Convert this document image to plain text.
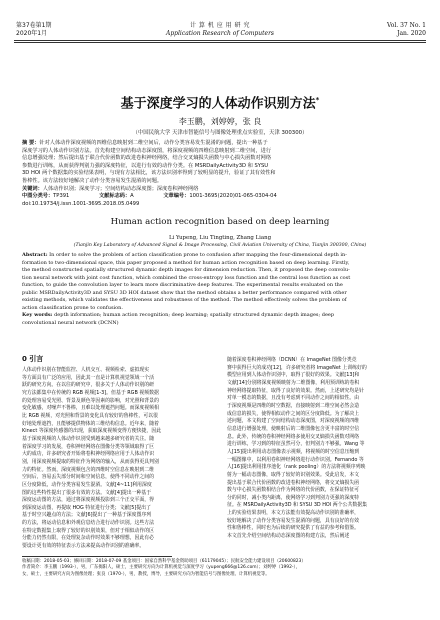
第37卷第1期
2020年1月
计 算 机 应 用 研 究
Application Research of Computers
Vol. 37 No. 1
Jan. 2020
基于深度学习的人体动作识别方法*
李玉鹏，刘婷婷，张 良
（中国民航大学 天津市智能信号与图像处理重点实验室，天津 300300）
摘 要：针对人体动作深度视频的四维信息映射到二维空间后，动作分类容易发生混淆的问题，提出一种基于
深度学习的人体动作识别方法。首先构建空间结构动态深度图，将深度视频的四维信息映射到二维空间，进行
信息增强处理；然后提出基于联合代价函数的改进卷积神经网络，结合交叉熵损失函数与中心损失函数对网络
参数进行训练，从而获得判别力强的深度特征，以进行有效的动作分类。在 MSRDailyActivity3D 和 SYSU
3D HOI 两个数据集的实验结果表明，与现有方法相比，该方法识别率得到了较明显的提升，验证了其有效性和
鲁棒性。该方法较好地解决了动作分类容易发生混淆的问题。
关键词：人体动作识别；深度学习；空间结构动态深度图；深度卷积神经网络
中图分类号：TP391	文献标志码：A	文章编号：1001-3695(2020)01-065-0304-04
doi:10.19734/j.issn.1001-3695.2018.05.0499
Human action recognition based on deep learning
Li Yupeng, Liu Tingting, Zhang Liang
(Tianjin Key Laboratory of Advanced Signal & Image Processing, Civil Aviation University of China, Tianjin 300300, China)
Abstract: In order to solve the problem of action classification prone to confusion after mapping the four-dimensional depth in-
formation to two-dimensional space, this paper proposed a method for human action recognition based on deep learning. Firstly,
the method constructed spatially structured dynamic depth images for dimension reduction. Then, it proposed the deep convolu-
tion neural network with joint cost function, which combined the cross-entropy loss function and the central loss function as cost
function, to guide the convolution layer to learn more discriminative deep features. The experimental results evaluated on the
public MSRDailyActivity3D and SYSU 3D HOI dataset show that the method obtains a better performance compared with other
existing methods, which validates the effectiveness and robustness of the method. The method effectively solves the problem of
action classification prone to confusion.
Key words: depth information; human action recognition; deep learning; spatially structured dynamic depth images; deep
convolutional neural network (DCNN)
0 引言
人体动作识别在智能监控、人机交互、视频检索、虚拟现实
等方面具有广泛的应用，因此其一直是计算机视觉领域一个活
跃的研究方向。在以往的研究中，很多关于人体动作识别的研
究方法都集中在传统的 RGB 视频[1-3]。但基于 RGB 视频数据
的处理容易受光照、背景及颜色等因素的影响，对光照和背景的
变化敏感，对噪声不鲁棒，且难以处理遮挡问题。而深度视频相
比 RGB 视频，对光照和背景的变化具有较好的鲁棒性，可以很
好地处理遮挡，且能够提供物体的三维结构信息。近年来，随着
Kinect 等深度传感器的出现，获取深度视频变得方便快捷，因此
基于深度视频的人体动作识别受到越来越多研究者的关注。随
着深度学习的发展，卷积神经网络在图像分类等领域取得了巨
大的成功，许多研究者开始将卷积神经网络应用于人体动作识
别，用深度视频提取的特征作为网络的输入，从而获得更具判别
力的特征。然而，深度视频包含的四维时空信息在映射到二维
空间后，容易丢失部分时间和空间信息，使得不同动作之间的
区分度降低，动作分类容易发生混淆。文献[4~11]利用深度
图的这些特性提出了很多有效的方法。文献[4]提出一种基于
深度运动图的方法，通过将深度视频投影到三个正交平面，得
到深度运动图，再提取 HOG 特征进行分类；文献[5]提出了
基于时空兴趣点的方法；文献[6]提出了一种基于深度图序列
的方法，将运动信息和外观信息结合进行动作识别。这些方法
在特定数据集上取得了较好的识别效果，但对于相似动作的区
分能力仍然有限，在处理复杂动作时效果不够理想，因此有必
要设计更有效的特征表示方法来提高动作识别的准确率。
随着深度卷积神经网络（DCNN）在 ImageNet 图像分类竞
赛中获得巨大的成功[12]，许多研究者将 ImageNet 上训练好的
模型应用到人体动作识别中，取得了很好的效果。文献[13]和
文献[14]分别将深度视频映射为二维图像，利用预训练的卷积
神经网络提取特征，取得了良好的效果。然而，上述研究均是针
对单一模态的数据，且没有考虑到不同动作之间的相似性。由
于深度视频是四维的时空数据，直接映射到二维空间必然会造
成信息的损失，使得相似动作之间的区分度降低。为了解决上
述问题，本文构建了空间结构动态深度图，对深度视频的四维
信息进行增强处理，使映射后的二维图像包含更丰富的时空信
息。此外，传统的卷积神经网络多使用交叉熵损失函数对网络
进行训练，学习到的特征虽然可分，但判别力不够强。Wang 等
人[15]提出利用动态图像表示视频，将视频的时空信息压缩到
一幅图像中，以利用卷积神经网络进行动作识别。Fernando 等
人[16]提出利用排序池化（rank pooling）的方法将视频序列映
射为一幅动态图像，取得了较好的识别效果。受此启发，本文
提出基于联合代价函数的改进卷积神经网络，将交叉熵损失函
数与中心损失函数相结合作为网络的代价函数，在保证特征可
分的同时，减小类内距离，使网络学习到判别力更强的深度特
征。在 MSRDailyActivity3D 和 SYSU 3D HOI 两个公共数据集
上的实验结果表明，本文方法能有效提高动作识别的准确率，
较好地解决了动作分类容易发生混淆的问题，具有良好的有效
性和鲁棒性，同时也为后续的研究提供了有益的参考和借鉴。
本文首先介绍空间结构动态深度图的构建方法，然后阐述
收稿日期：2018-05-03；修回日期：2018-07-09 基金项目：国家自然科学基金资助项目（61179045）；民航安全能力建设项目（20600823）
作者简介：李玉鹏（1993-），男，广东揭阳人，硕士，主要研究方向为计算机视觉与深度学习（yupeng666@126.com）；刘婷婷（1992-），
女，硕士，主要研究方向为图像处理；张良（1970-），男，教授，博导，主要研究方向为智能信号与图像处理、计算机视觉等。
